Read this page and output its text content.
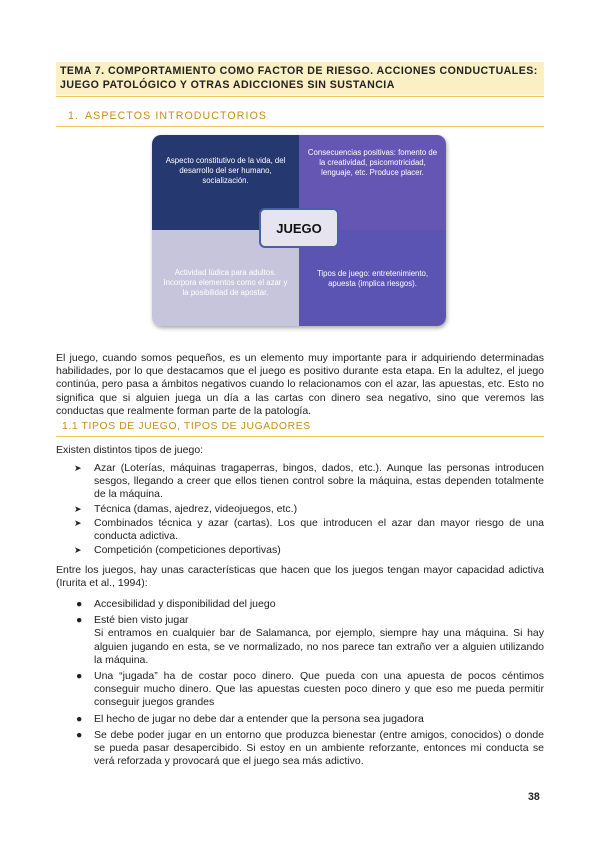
TEMA 7. COMPORTAMIENTO COMO FACTOR DE RIESGO. ACCIONES CONDUCTUALES:
JUEGO PATOLÓGICO Y OTRAS ADICCIONES SIN SUSTANCIA
1. ASPECTOS INTRODUCTORIOS
Aspecto constitutivo de la vida, del desarrollo del ser humano, socialización.
Consecuencias positivas: fomento de la creatividad, psicomotricidad, lenguaje, etc. Produce placer.
Actividad lúdica para adultos. Incorpora elementos como el azar y la posibilidad de apostar.
Tipos de juego: entretenimiento, apuesta (implica riesgos).
JUEGO

El juego, cuando somos pequeños, es un elemento muy importante para ir adquiriendo determinadas habilidades, por lo que destacamos que el juego es positivo durante esta etapa. En la adultez, el juego continúa, pero pasa a ámbitos negativos cuando lo relacionamos con el azar, las apuestas, etc. Esto no significa que si alguien juega un día a las cartas con dinero sea negativo, sino que veremos las conductas que realmente forman parte de la patología.

1.1 TIPOS DE JUEGO, TIPOS DE JUGADORES

Existen distintos tipos de juego:

➤ Azar (Loterías, máquinas tragaperras, bingos, dados, etc.). Aunque las personas introducen sesgos, llegando a creer que ellos tienen control sobre la máquina, estas dependen totalmente de la máquina.
➤ Técnica (damas, ajedrez, videojuegos, etc.)
➤ Combinados técnica y azar (cartas). Los que introducen el azar dan mayor riesgo de una conducta adictiva.
➤ Competición (competiciones deportivas)

Entre los juegos, hay unas características que hacen que los juegos tengan mayor capacidad adictiva (Irurita et al., 1994):

● Accesibilidad y disponibilidad del juego
● Esté bien visto jugar
Si entramos en cualquier bar de Salamanca, por ejemplo, siempre hay una máquina. Si hay alguien jugando en esta, se ve normalizado, no nos parece tan extraño ver a alguien utilizando la máquina.
● Una “jugada” ha de costar poco dinero. Que pueda con una apuesta de pocos céntimos conseguir mucho dinero. Que las apuestas cuesten poco dinero y que eso me pueda permitir conseguir juegos grandes
● El hecho de jugar no debe dar a entender que la persona sea jugadora
● Se debe poder jugar en un entorno que produzca bienestar (entre amigos, conocidos) o donde se pueda pasar desapercibido. Si estoy en un ambiente reforzante, entonces mi conducta se verá reforzada y provocará que el juego sea más adictivo.
38
